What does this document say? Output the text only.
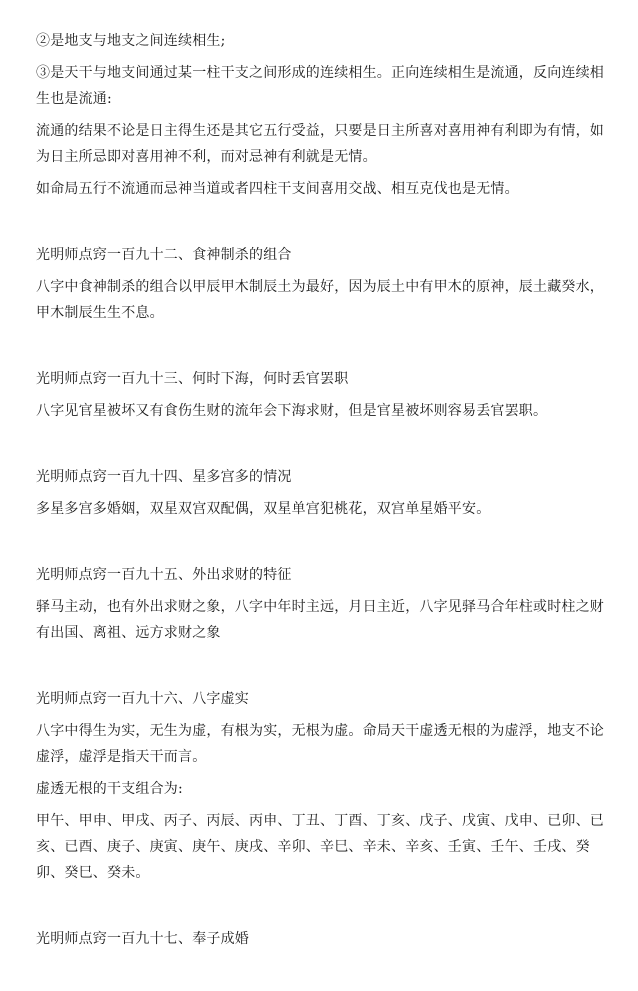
②是地支与地支之间连续相生;

③是天干与地支间通过某一柱干支之间形成的连续相生。正向连续相生是流通，反向连续相生也是流通:

流通的结果不论是日主得生还是其它五行受益，只要是日主所喜对喜用神有利即为有情，如为日主所忌即对喜用神不利，而对忌神有利就是无情。

如命局五行不流通而忌神当道或者四柱干支间喜用交战、相互克伐也是无情。

光明师点窍一百九十二、食神制杀的组合

八字中食神制杀的组合以甲辰甲木制辰土为最好，因为辰土中有甲木的原神，辰土藏癸水，甲木制辰生生不息。

光明师点窍一百九十三、何时下海，何时丢官罢职

八字见官星被坏又有食伤生财的流年会下海求财，但是官星被坏则容易丢官罢职。

光明师点窍一百九十四、星多宫多的情况

多星多宫多婚姻，双星双宫双配偶，双星单宫犯桃花，双宫单星婚平安。

光明师点窍一百九十五、外出求财的特征

驿马主动，也有外出求财之象，八字中年时主远，月日主近，八字见驿马合年柱或时柱之财有出国、离祖、远方求财之象

光明师点窍一百九十六、八字虚实

八字中得生为实，无生为虚，有根为实，无根为虚。命局天干虚透无根的为虚浮，地支不论虚浮，虚浮是指天干而言。

虚透无根的干支组合为:

甲午、甲申、甲戌、丙子、丙辰、丙申、丁丑、丁酉、丁亥、戊子、戊寅、戊申、已卯、已亥、已酉、庚子、庚寅、庚午、庚戌、辛卯、辛巳、辛未、辛亥、壬寅、壬午、壬戌、癸卯、癸巳、癸未。

光明师点窍一百九十七、奉子成婚
